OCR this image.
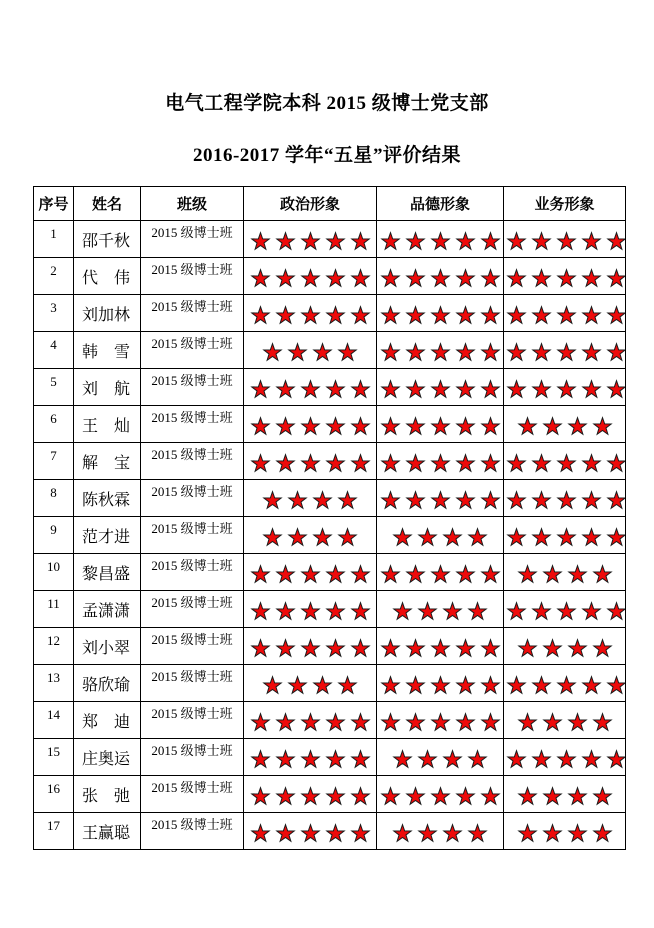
电气工程学院本科 2015 级博士党支部
2016-2017 学年“五星”评价结果
序号	姓名	班级	政治形象	品德形象	业务形象
1	邵千秋	2015 级博士班			
2	代　伟	2015 级博士班			
3	刘加林	2015 级博士班			
4	韩　雪	2015 级博士班			
5	刘　航	2015 级博士班			
6	王　灿	2015 级博士班			
7	解　宝	2015 级博士班			
8	陈秋霖	2015 级博士班			
9	范才进	2015 级博士班			
10	黎昌盛	2015 级博士班			
11	孟潇潇	2015 级博士班			
12	刘小翠	2015 级博士班			
13	骆欣瑜	2015 级博士班			
14	郑　迪	2015 级博士班			
15	庄奥运	2015 级博士班			
16	张　弛	2015 级博士班			
17	王赢聪	2015 级博士班			
